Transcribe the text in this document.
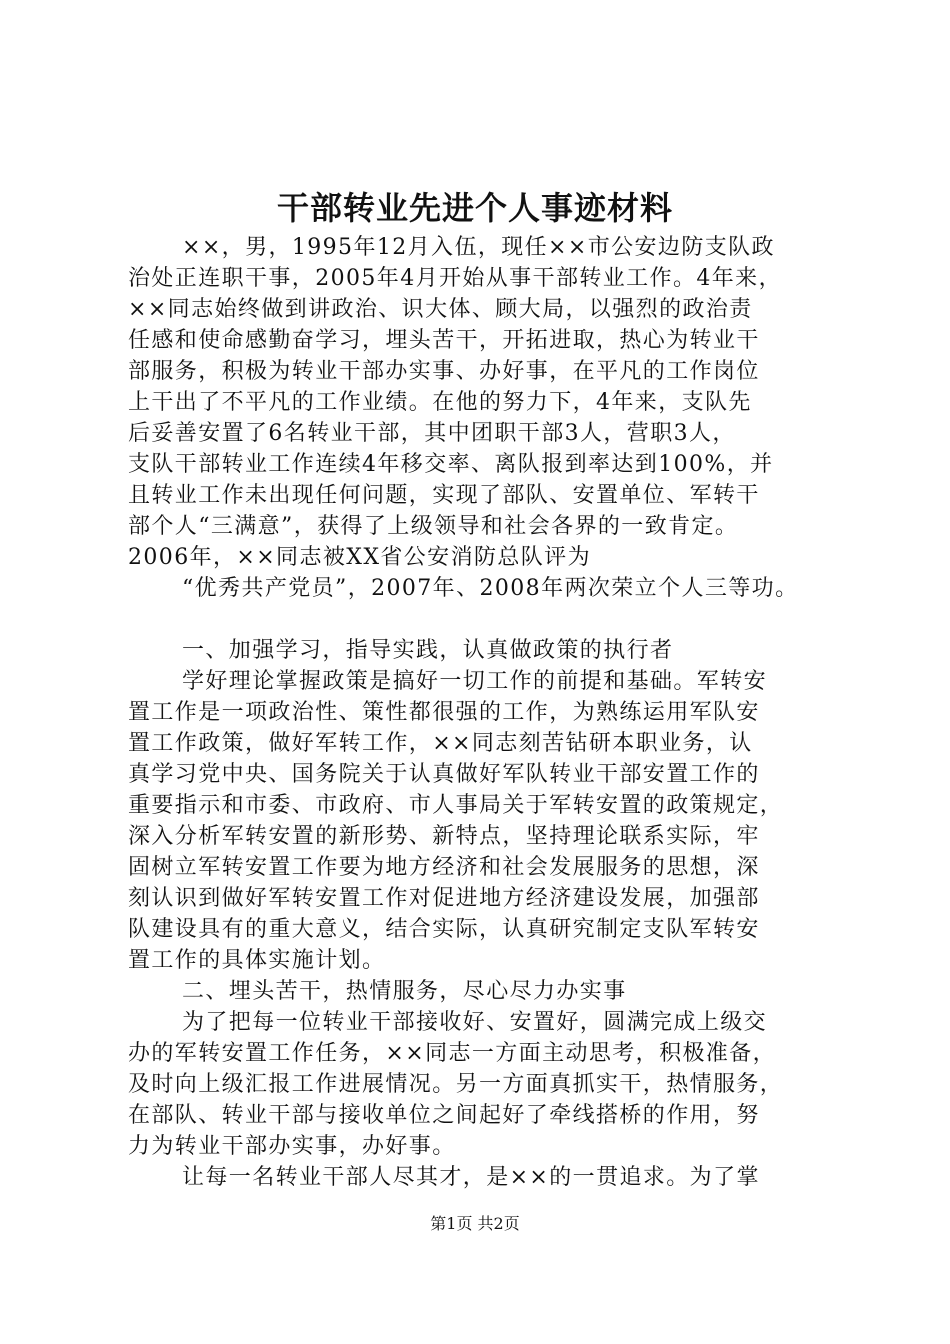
干部转业先进个人事迹材料
××，男，1995年12月入伍，现任××市公安边防支队政
治处正连职干事，2005年4月开始从事干部转业工作。4年来，
××同志始终做到讲政治、识大体、顾大局，以强烈的政治责
任感和使命感勤奋学习，埋头苦干，开拓进取，热心为转业干
部服务，积极为转业干部办实事、办好事，在平凡的工作岗位
上干出了不平凡的工作业绩。在他的努力下，4年来，支队先
后妥善安置了6名转业干部，其中团职干部3人，营职3人，
支队干部转业工作连续4年移交率、离队报到率达到100%，并
且转业工作未出现任何问题，实现了部队、安置单位、军转干
部个人“三满意”，获得了上级领导和社会各界的一致肯定。
2006年，××同志被XX省公安消防总队评为
“优秀共产党员”，2007年、2008年两次荣立个人三等功。
一、加强学习，指导实践，认真做政策的执行者
学好理论掌握政策是搞好一切工作的前提和基础。军转安
置工作是一项政治性、策性都很强的工作，为熟练运用军队安
置工作政策，做好军转工作，××同志刻苦钻研本职业务，认
真学习党中央、国务院关于认真做好军队转业干部安置工作的
重要指示和市委、市政府、市人事局关于军转安置的政策规定，
深入分析军转安置的新形势、新特点，坚持理论联系实际，牢
固树立军转安置工作要为地方经济和社会发展服务的思想，深
刻认识到做好军转安置工作对促进地方经济建设发展，加强部
队建设具有的重大意义，结合实际，认真研究制定支队军转安
置工作的具体实施计划。
二、埋头苦干，热情服务，尽心尽力办实事
为了把每一位转业干部接收好、安置好，圆满完成上级交
办的军转安置工作任务，××同志一方面主动思考，积极准备，
及时向上级汇报工作进展情况。另一方面真抓实干，热情服务，
在部队、转业干部与接收单位之间起好了牵线搭桥的作用，努
力为转业干部办实事，办好事。
让每一名转业干部人尽其才，是××的一贯追求。为了掌
第1页 共2页
